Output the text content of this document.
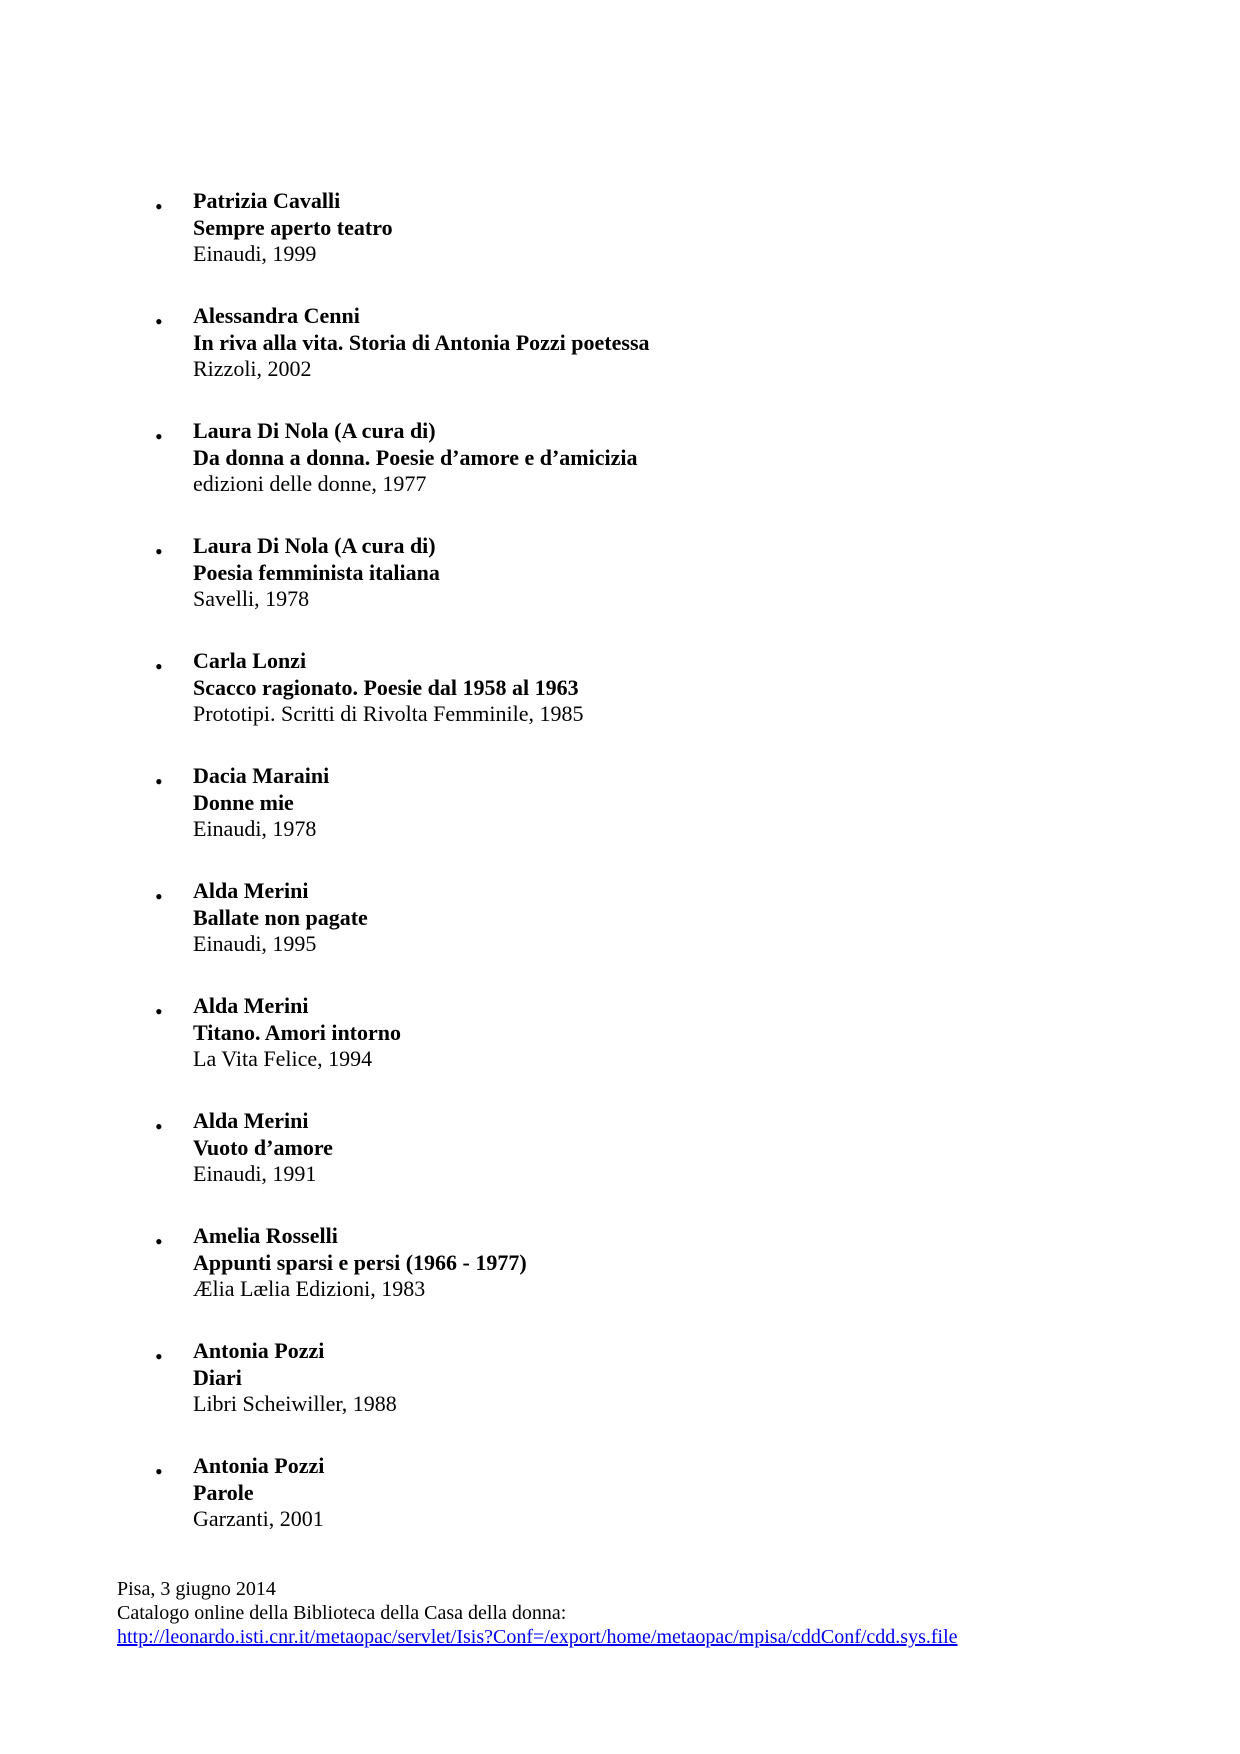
• Patrizia Cavalli
Sempre aperto teatro
Einaudi, 1999
• Alessandra Cenni
In riva alla vita. Storia di Antonia Pozzi poetessa
Rizzoli, 2002
• Laura Di Nola (A cura di)
Da donna a donna. Poesie d’amore e d’amicizia
edizioni delle donne, 1977
• Laura Di Nola (A cura di)
Poesia femminista italiana
Savelli, 1978
• Carla Lonzi
Scacco ragionato. Poesie dal 1958 al 1963
Prototipi. Scritti di Rivolta Femminile, 1985
• Dacia Maraini
Donne mie
Einaudi, 1978
• Alda Merini
Ballate non pagate
Einaudi, 1995
• Alda Merini
Titano. Amori intorno
La Vita Felice, 1994
• Alda Merini
Vuoto d’amore
Einaudi, 1991
• Amelia Rosselli
Appunti sparsi e persi (1966 - 1977)
Ælia Lælia Edizioni, 1983
• Antonia Pozzi
Diari
Libri Scheiwiller, 1988
• Antonia Pozzi
Parole
Garzanti, 2001
Pisa, 3 giugno 2014
Catalogo online della Biblioteca della Casa della donna:
http://leonardo.isti.cnr.it/metaopac/servlet/Isis?Conf=/export/home/metaopac/mpisa/cddConf/cdd.sys.file
